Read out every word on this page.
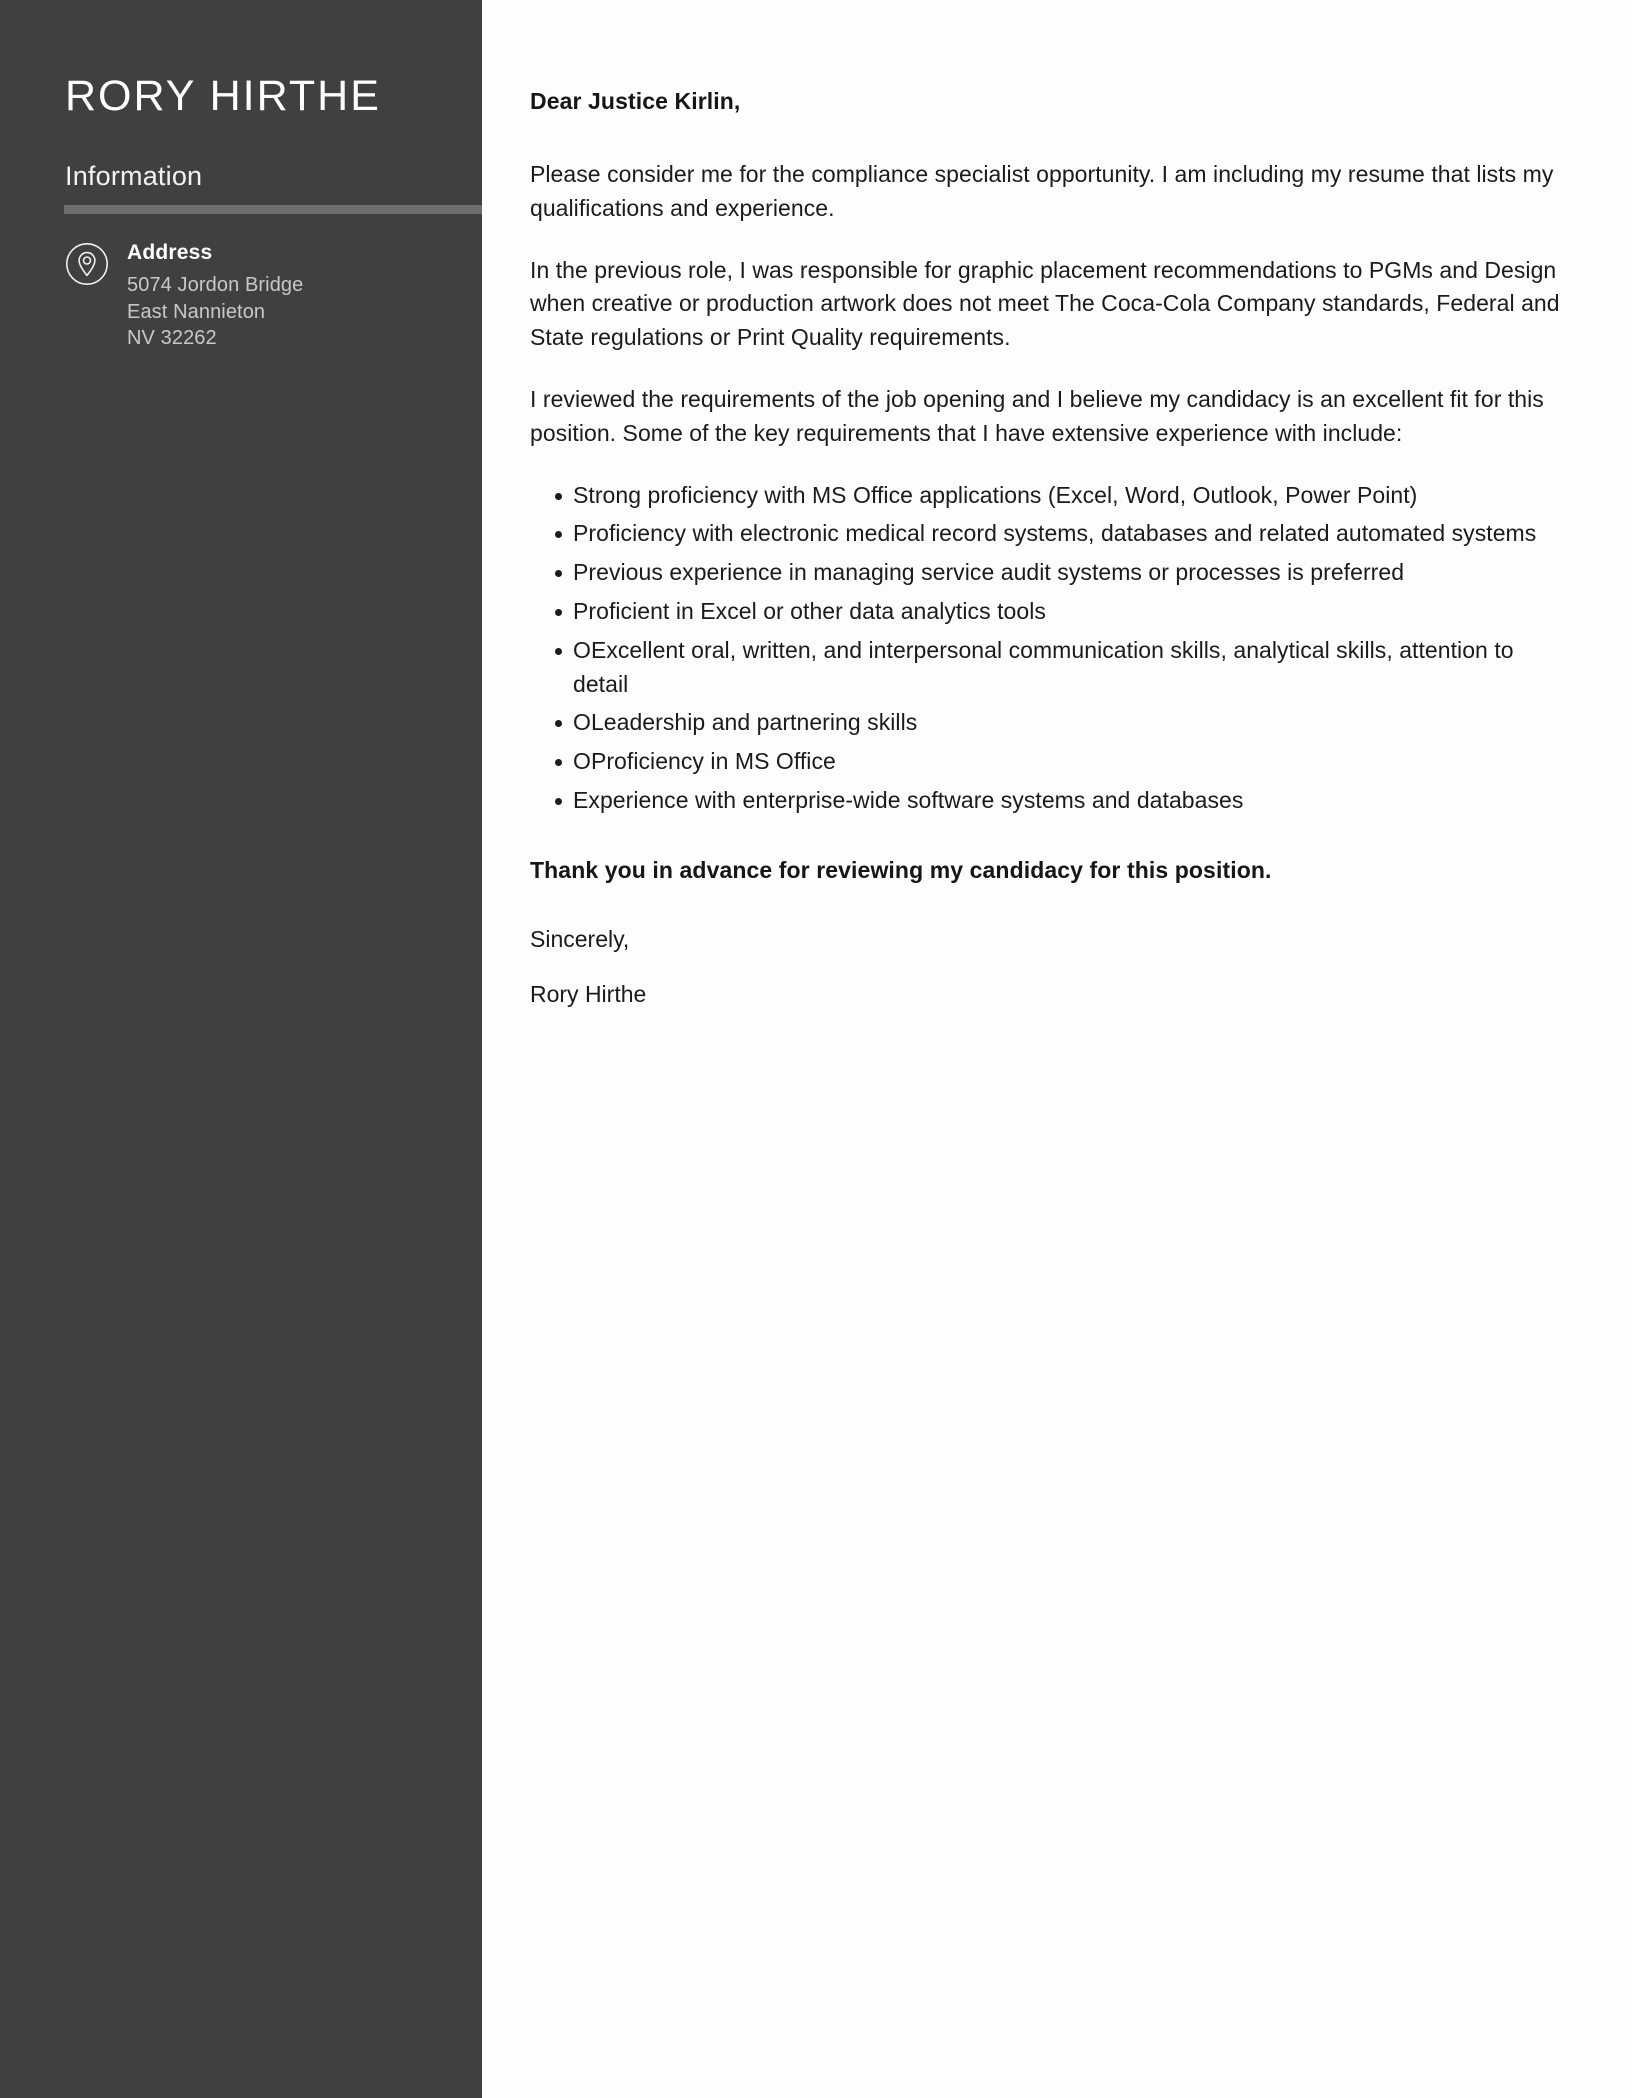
RORY HIRTHE
Information
Address
5074 Jordon Bridge
East Nannieton
NV 32262

Dear Justice Kirlin,

Please consider me for the compliance specialist opportunity. I am including my resume that lists my qualifications and experience.

In the previous role, I was responsible for graphic placement recommendations to PGMs and Design when creative or production artwork does not meet The Coca-Cola Company standards, Federal and State regulations or Print Quality requirements.

I reviewed the requirements of the job opening and I believe my candidacy is an excellent fit for this position. Some of the key requirements that I have extensive experience with include:

Strong proficiency with MS Office applications (Excel, Word, Outlook, Power Point)
Proficiency with electronic medical record systems, databases and related automated systems
Previous experience in managing service audit systems or processes is preferred
Proficient in Excel or other data analytics tools
OExcellent oral, written, and interpersonal communication skills, analytical skills, attention to detail
OLeadership and partnering skills
OProficiency in MS Office
Experience with enterprise-wide software systems and databases

Thank you in advance for reviewing my candidacy for this position.

Sincerely,

Rory Hirthe
